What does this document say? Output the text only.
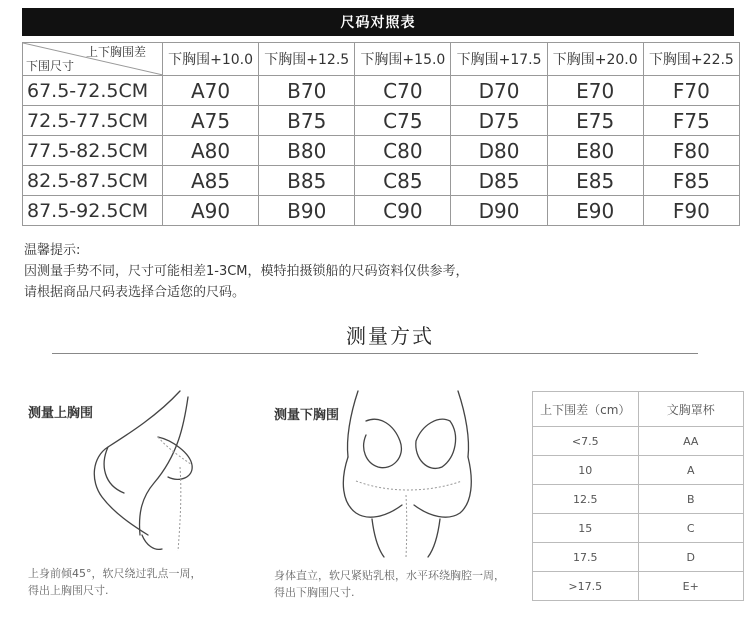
尺码对照表
上下胸围差
下围尺寸	下胸围+10.0	下胸围+12.5	下胸围+15.0	下胸围+17.5	下胸围+20.0	下胸围+22.5
67.5-72.5CM	A70	B70	C70	D70	E70	F70
72.5-77.5CM	A75	B75	C75	D75	E75	F75
77.5-82.5CM	A80	B80	C80	D80	E80	F80
82.5-87.5CM	A85	B85	C85	D85	E85	F85
87.5-92.5CM	A90	B90	C90	D90	E90	F90
温馨提示:
因测量手势不同，尺寸可能相差1-3CM，模特拍摄锁船的尺码资料仅供参考，
请根据商品尺码表选择合适您的尺码。
测量方式
测量上胸围
上身前倾45°，软尺绕过乳点一周，
得出上胸围尺寸.
测量下胸围
身体直立，软尺紧贴乳根，水平环绕胸腔一周，
得出下胸围尺寸.
上下围差（cm）	文胸罩杯
<7.5	AA
10	A
12.5	B
15	C
17.5	D
>17.5	E+
